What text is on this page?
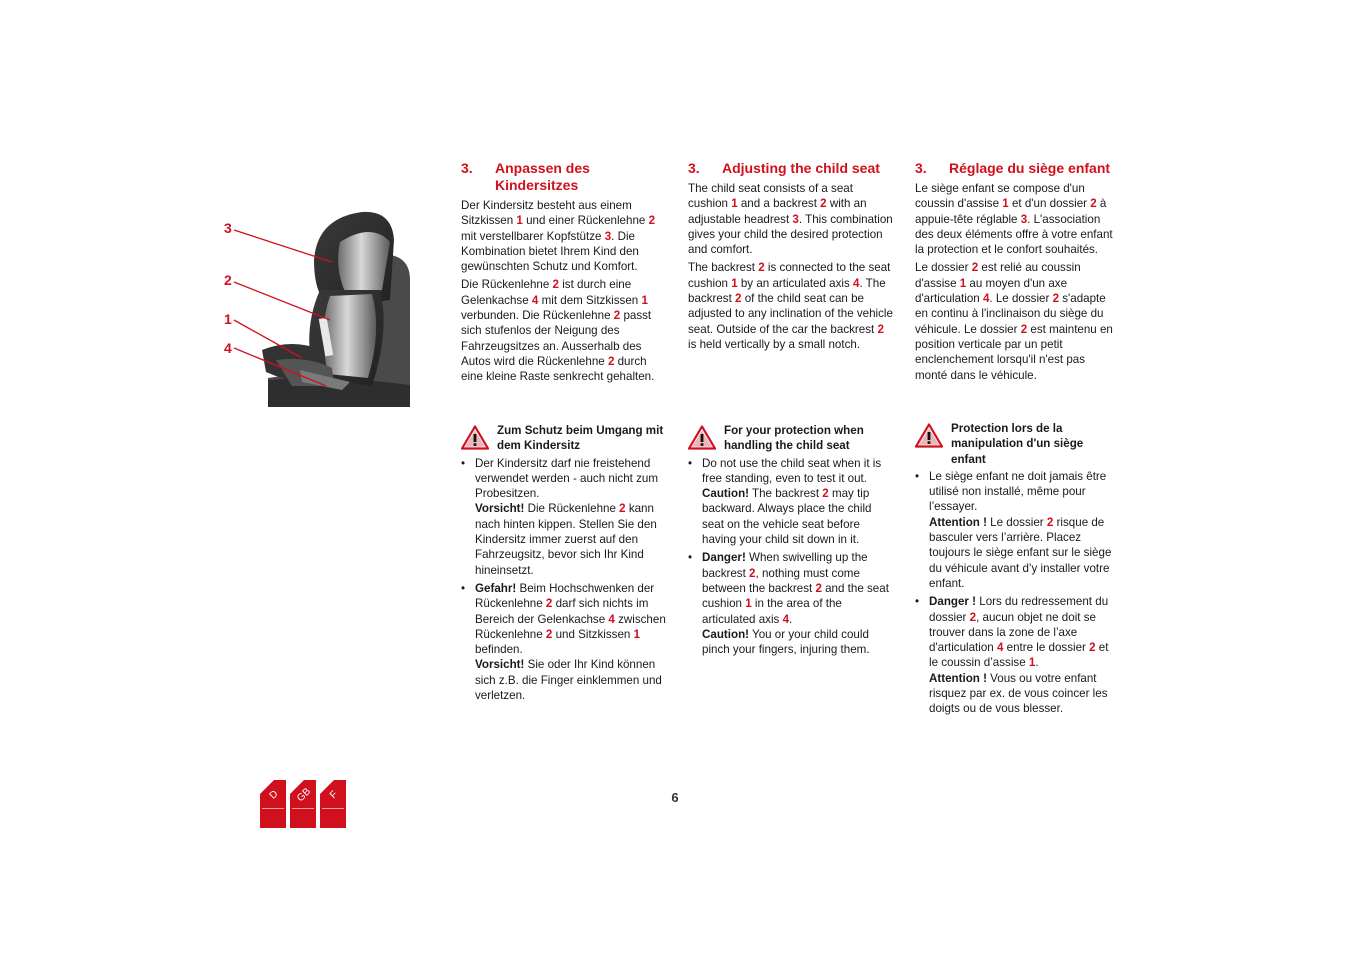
3
2
1
4
3.	Anpassen des Kindersitzes

Der Kindersitz besteht aus einem Sitzkissen 1 und einer Rückenlehne 2 mit verstellbarer Kopfstütze 3. Die Kombination bietet Ihrem Kind den gewünschten Schutz und Komfort.

Die Rückenlehne 2 ist durch eine Gelenkachse 4 mit dem Sitzkissen 1 verbunden. Die Rückenlehne 2 passt sich stufenlos der Neigung des Fahrzeugsitzes an. Ausserhalb des Autos wird die Rückenlehne 2 durch eine kleine Raste senkrecht gehalten.

3.	Adjusting the child seat

The child seat consists of a seat cushion 1 and a backrest 2 with an adjustable headrest 3. This combination gives your child the desired protection and comfort.

The backrest 2 is connected to the seat cushion 1 by an articulated axis 4. The backrest 2 of the child seat can be adjusted to any inclination of the vehicle seat. Outside of the car the backrest 2 is held vertically by a small notch.

3.	Réglage du siège enfant

Le siège enfant se compose d'un coussin d'assise 1 et d'un dossier 2 à appuie-tête réglable 3. L'association des deux éléments offre à votre enfant la protection et le confort souhaités.

Le dossier 2 est relié au coussin d'assise 1 au moyen d'un axe d'articulation 4. Le dossier 2 s'adapte en continu à l'inclinaison du siège du véhicule. Le dossier 2 est maintenu en position verticale par un petit enclenchement lorsqu'il n'est pas monté dans le véhicule.

Zum Schutz beim Umgang mit dem Kindersitz
• Der Kindersitz darf nie freistehend verwendet werden - auch nicht zum Probesitzen.
Vorsicht! Die Rückenlehne 2 kann nach hinten kippen. Stellen Sie den Kindersitz immer zuerst auf den Fahrzeugsitz, bevor sich Ihr Kind hineinsetzt.
• Gefahr! Beim Hochschwenken der Rückenlehne 2 darf sich nichts im Bereich der Gelenkachse 4 zwischen Rückenlehne 2 und Sitzkissen 1 befinden.
Vorsicht! Sie oder Ihr Kind können sich z.B. die Finger einklemmen und verletzen.
For your protection when handling the child seat
• Do not use the child seat when it is free standing, even to test it out.
Caution! The backrest 2 may tip backward. Always place the child seat on the vehicle seat before having your child sit down in it.
• Danger! When swivelling up the backrest 2, nothing must come between the backrest 2 and the seat cushion 1 in the area of the articulated axis 4.
Caution! You or your child could pinch your fingers, injuring them.
Protection lors de la manipulation d'un siège enfant
• Le siège enfant ne doit jamais être utilisé non installé, même pour l’essayer.
Attention ! Le dossier 2 risque de basculer vers l’arrière. Placez toujours le siège enfant sur le siège du véhicule avant d’y installer votre enfant.
• Danger ! Lors du redressement du dossier 2, aucun objet ne doit se trouver dans la zone de l’axe d'articulation 4 entre le dossier 2 et le coussin d’assise 1.
Attention ! Vous ou votre enfant risquez par ex. de vous coincer les doigts ou de vous blesser.
D GB F	6
